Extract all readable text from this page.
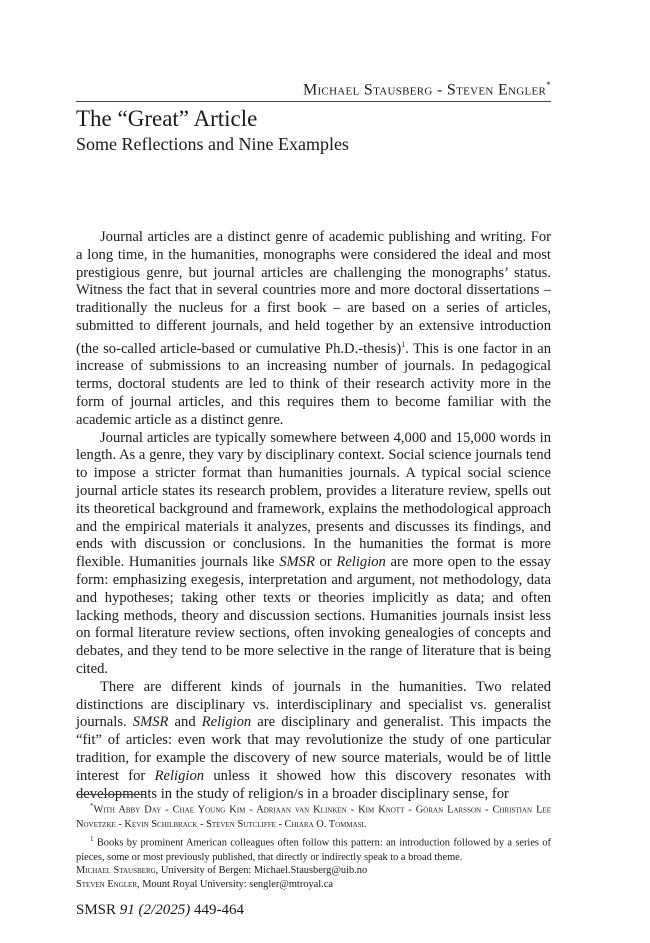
Michael Stausberg - Steven Engler*
The “Great” Article
Some Reflections and Nine Examples

Journal articles are a distinct genre of academic publishing and writing. For a long time, in the humanities, monographs were considered the ideal and most prestigious genre, but journal articles are challenging the monographs’ status. Witness the fact that in several countries more and more doctoral dissertations – traditionally the nucleus for a first book – are based on a series of articles, submitted to different journals, and held together by an extensive introduction (the so-called article-based or cumulative Ph.D.-thesis)$^1$. This is one factor in an increase of submissions to an increasing number of journals. In pedagogical terms, doctoral students are led to think of their research activity more in the form of journal articles, and this requires them to become familiar with the academic article as a distinct genre.

Journal articles are typically somewhere between 4,000 and 15,000 words in length. As a genre, they vary by disciplinary context. Social science journals tend to impose a stricter format than humanities journals. A typical social science journal article states its research problem, provides a literature review, spells out its theoretical background and framework, explains the methodological approach and the empirical materials it analyzes, presents and discusses its findings, and ends with discussion or conclusions. In the humanities the format is more flexible. Humanities journals like SMSR or Religion are more open to the essay form: emphasizing exegesis, interpretation and argument, not methodology, data and hypotheses; taking other texts or theories implicitly as data; and often lacking methods, theory and discussion sections. Humanities journals insist less on formal literature review sections, often invoking genealogies of concepts and debates, and they tend to be more selective in the range of literature that is being cited.

There are different kinds of journals in the humanities. Two related distinctions are disciplinary vs. interdisciplinary and specialist vs. generalist journals. SMSR and Religion are disciplinary and generalist. This impacts the “fit” of articles: even work that may revolutionize the study of one particular tradition, for example the discovery of new source materials, would be of little interest for Religion unless it showed how this discovery resonates with developments in the study of religion/s in a broader disciplinary sense, for

*With Abby Day - Chae Young Kim - Adriaan van Klinken - Kim Knott - Göran Larsson - Christian Lee Novetzke - Kevin Schilbrack - Steven Sutcliffe - Chiara O. Tommasi.

$^1$ Books by prominent American colleagues often follow this pattern: an introduction followed by a series of pieces, some or most previously published, that directly or indirectly speak to a broad theme.

Michael Stausberg, University of Bergen: Michael.Stausberg@uib.no
Steven Engler, Mount Royal University: sengler@mtroyal.ca
SMSR 91 (2/2025) 449-464
